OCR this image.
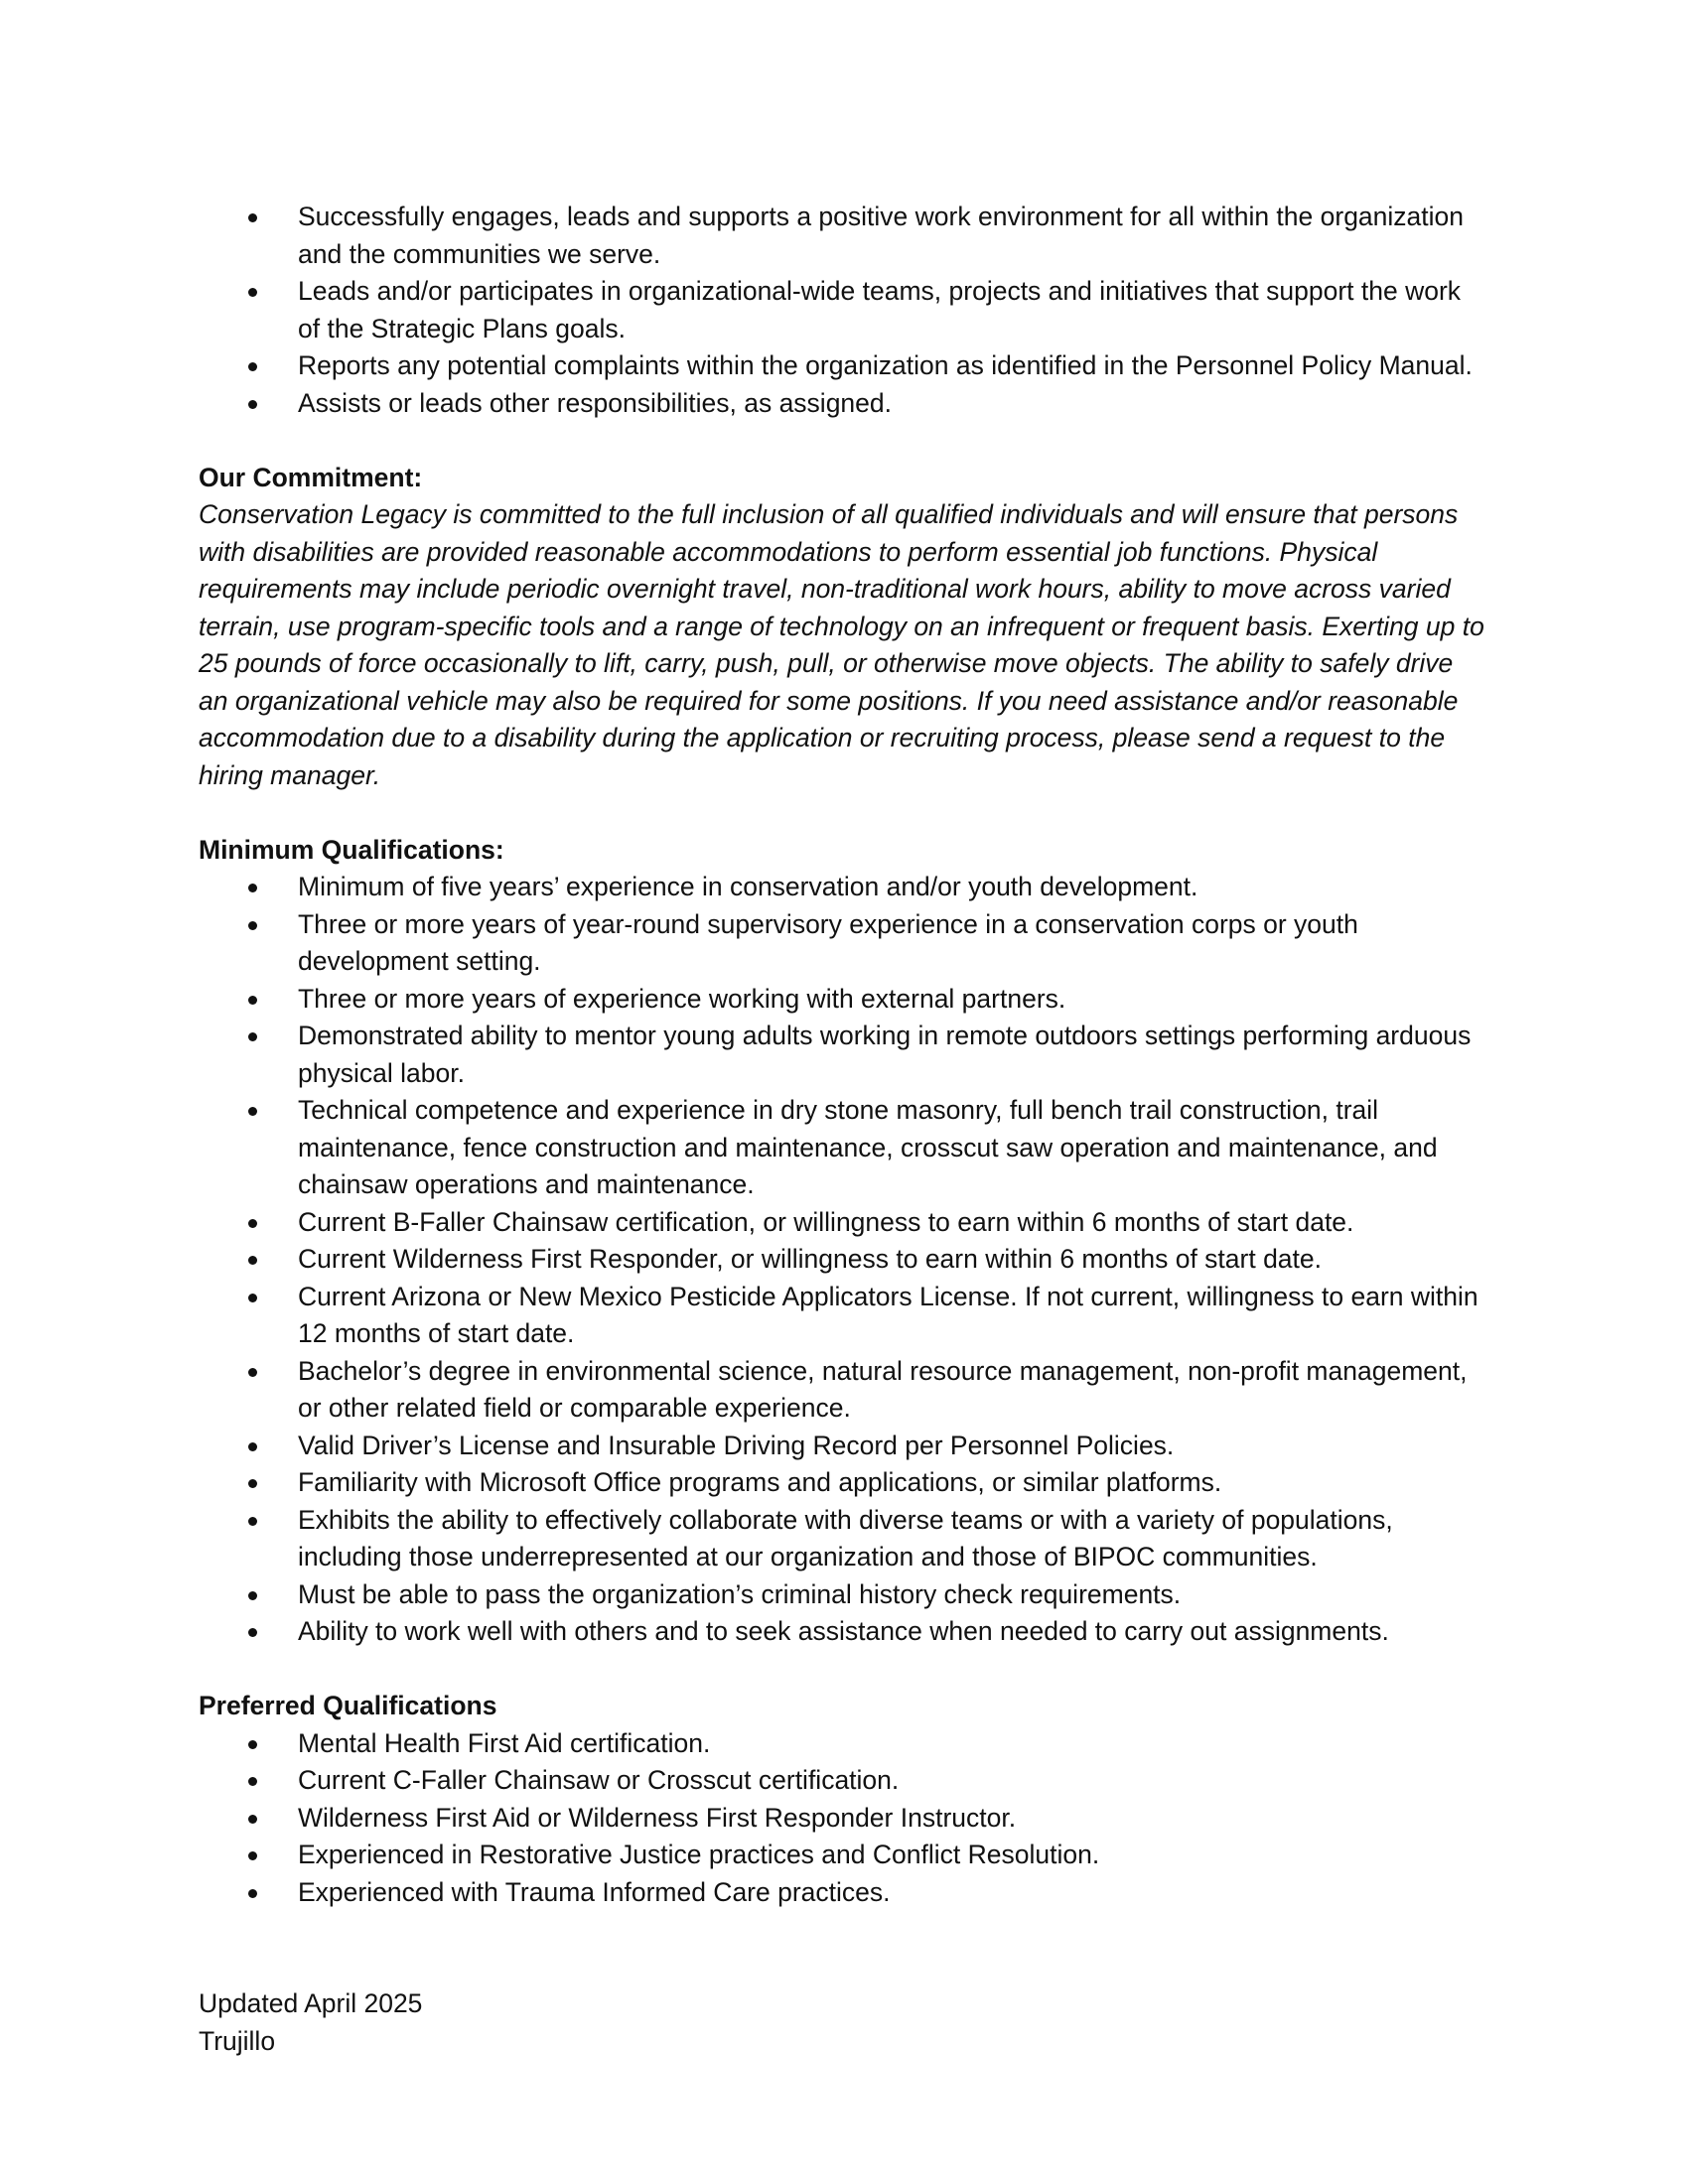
Successfully engages, leads and supports a positive work environment for all within the organization and the communities we serve.
Leads and/or participates in organizational-wide teams, projects and initiatives that support the work of the Strategic Plans goals.
Reports any potential complaints within the organization as identified in the Personnel Policy Manual.
Assists or leads other responsibilities, as assigned.

Our Commitment:

Conservation Legacy is committed to the full inclusion of all qualified individuals and will ensure that persons with disabilities are provided reasonable accommodations to perform essential job functions. Physical requirements may include periodic overnight travel, non-traditional work hours, ability to move across varied terrain, use program-specific tools and a range of technology on an infrequent or frequent basis. Exerting up to 25 pounds of force occasionally to lift, carry, push, pull, or otherwise move objects. The ability to safely drive an organizational vehicle may also be required for some positions. If you need assistance and/or reasonable accommodation due to a disability during the application or recruiting process, please send a request to the hiring manager.

Minimum Qualifications:

Minimum of five years’ experience in conservation and/or youth development.
Three or more years of year-round supervisory experience in a conservation corps or youth development setting.
Three or more years of experience working with external partners.
Demonstrated ability to mentor young adults working in remote outdoors settings performing arduous physical labor.
Technical competence and experience in dry stone masonry, full bench trail construction, trail maintenance, fence construction and maintenance, crosscut saw operation and maintenance, and chainsaw operations and maintenance.
Current B-Faller Chainsaw certification, or willingness to earn within 6 months of start date.
Current Wilderness First Responder, or willingness to earn within 6 months of start date.
Current Arizona or New Mexico Pesticide Applicators License. If not current, willingness to earn within 12 months of start date.
Bachelor’s degree in environmental science, natural resource management, non-profit management, or other related field or comparable experience.
Valid Driver’s License and Insurable Driving Record per Personnel Policies.
Familiarity with Microsoft Office programs and applications, or similar platforms.
Exhibits the ability to effectively collaborate with diverse teams or with a variety of populations, including those underrepresented at our organization and those of BIPOC communities.
Must be able to pass the organization’s criminal history check requirements.
Ability to work well with others and to seek assistance when needed to carry out assignments.

Preferred Qualifications

Mental Health First Aid certification.
Current C-Faller Chainsaw or Crosscut certification.
Wilderness First Aid or Wilderness First Responder Instructor.
Experienced in Restorative Justice practices and Conflict Resolution.
Experienced with Trauma Informed Care practices.

Updated April 2025

Trujillo
